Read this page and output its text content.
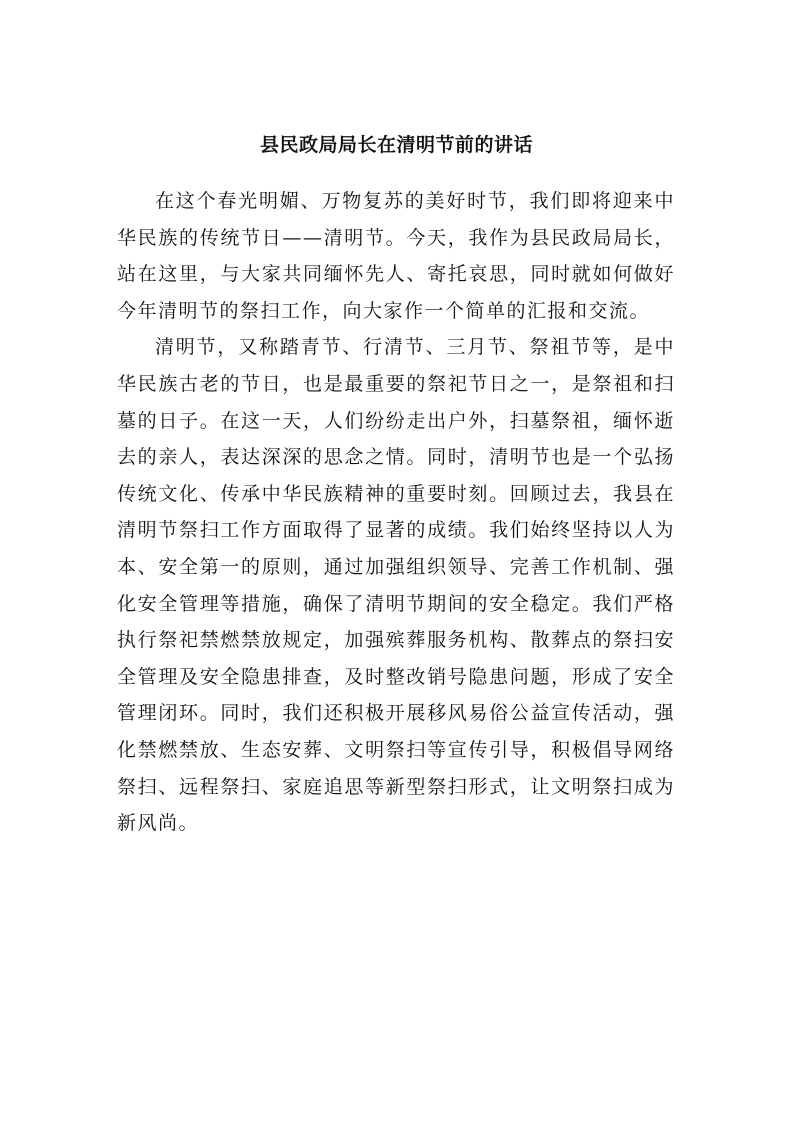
县民政局局长在清明节前的讲话

在这个春光明媚、万物复苏的美好时节，我们即将迎来中华民族的传统节日——清明节。今天，我作为县民政局局长，站在这里，与大家共同缅怀先人、寄托哀思，同时就如何做好今年清明节的祭扫工作，向大家作一个简单的汇报和交流。

清明节，又称踏青节、行清节、三月节、祭祖节等，是中华民族古老的节日，也是最重要的祭祀节日之一，是祭祖和扫墓的日子。在这一天，人们纷纷走出户外，扫墓祭祖，缅怀逝去的亲人，表达深深的思念之情。同时，清明节也是一个弘扬传统文化、传承中华民族精神的重要时刻。回顾过去，我县在清明节祭扫工作方面取得了显著的成绩。我们始终坚持以人为本、安全第一的原则，通过加强组织领导、完善工作机制、强化安全管理等措施，确保了清明节期间的安全稳定。我们严格执行祭祀禁燃禁放规定，加强殡葬服务机构、散葬点的祭扫安全管理及安全隐患排查，及时整改销号隐患问题，形成了安全管理闭环。同时，我们还积极开展移风易俗公益宣传活动，强化禁燃禁放、生态安葬、文明祭扫等宣传引导，积极倡导网络祭扫、远程祭扫、家庭追思等新型祭扫形式，让文明祭扫成为新风尚。
